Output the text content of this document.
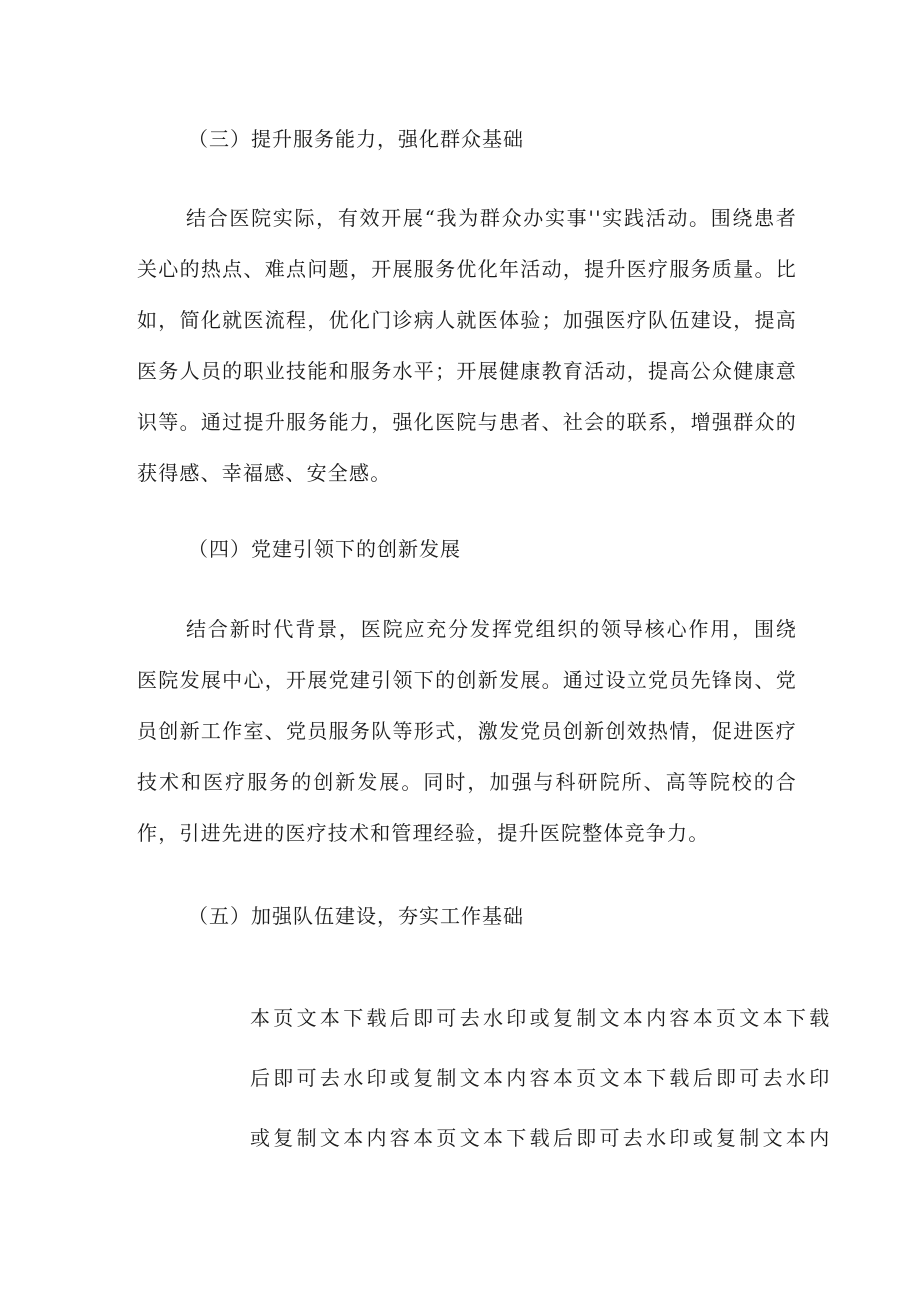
（三）提升服务能力，强化群众基础

结合医院实际，有效开展“我为群众办实事''实践活动。围绕患者关心的热点、难点问题，开展服务优化年活动，提升医疗服务质量。比如，简化就医流程，优化门诊病人就医体验；加强医疗队伍建设，提高医务人员的职业技能和服务水平；开展健康教育活动，提高公众健康意识等。通过提升服务能力，强化医院与患者、社会的联系，增强群众的获得感、幸福感、安全感。

（四）党建引领下的创新发展

结合新时代背景，医院应充分发挥党组织的领导核心作用，围绕医院发展中心，开展党建引领下的创新发展。通过设立党员先锋岗、党员创新工作室、党员服务队等形式，激发党员创新创效热情，促进医疗技术和医疗服务的创新发展。同时，加强与科研院所、高等院校的合作，引进先进的医疗技术和管理经验，提升医院整体竞争力。

（五）加强队伍建设，夯实工作基础
本页文本下载后即可去水印或复制文本内容本页文本下载
后即可去水印或复制文本内容本页文本下载后即可去水印
或复制文本内容本页文本下载后即可去水印或复制文本内
